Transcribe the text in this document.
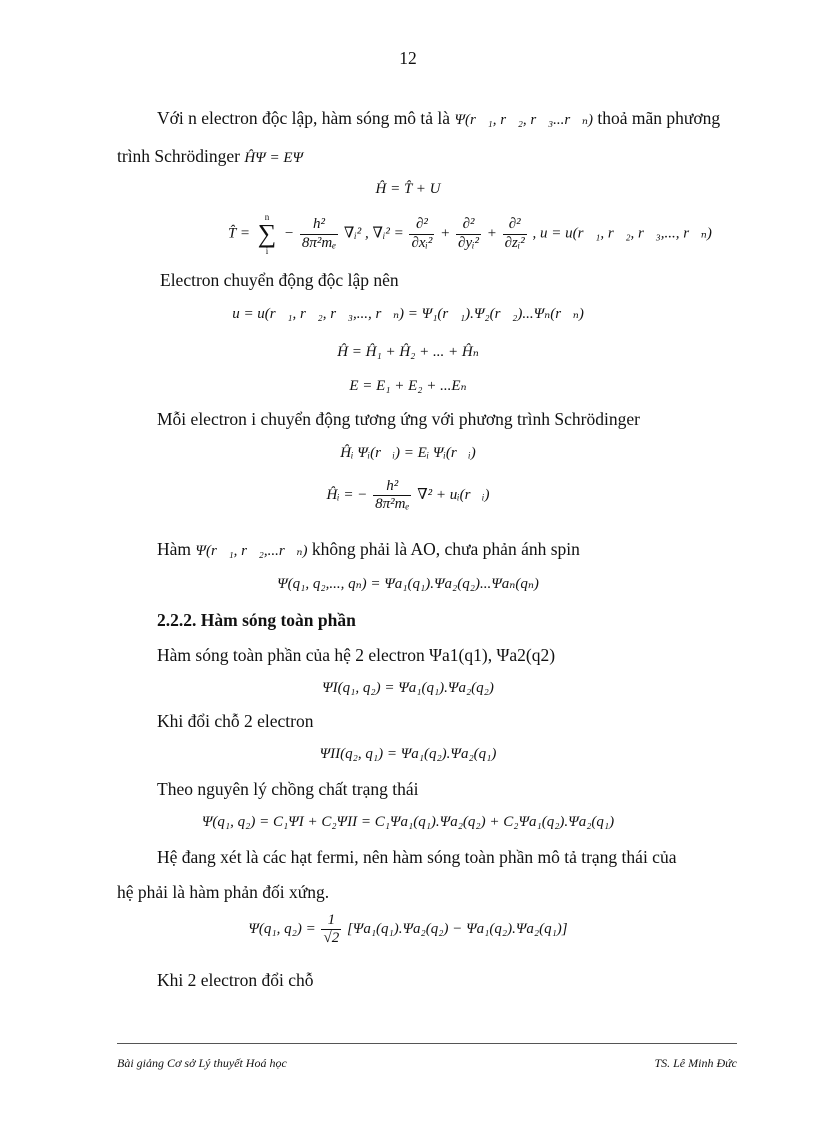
12
Với n electron độc lập, hàm sóng mô tả là Ψ(r⃗₁, r⃗₂, r⃗₃...r⃗ₙ) thoả mãn phương
trình Schrödinger ĤΨ = EΨ
Ĥ = T̂ + U
T̂ =
n
∑
i
− $\frac{\text{h²}}{\text{8π²mₑ}}$ ∇ᵢ² , ∇ᵢ² = $\frac{\text{∂²}}{\text{∂xᵢ²}} + \frac{\text{∂²}}{\text{∂yᵢ²}} + \frac{\text{∂²}}{\text{∂zᵢ²}}$ , u = u(r⃗₁, r⃗₂, r⃗₃,..., r⃗ₙ)
Electron chuyển động độc lập nên
u = u(r⃗₁, r⃗₂, r⃗₃,..., r⃗ₙ) = Ψ₁(r⃗₁).Ψ₂(r⃗₂)...Ψₙ(r⃗ₙ)
Ĥ = Ĥ₁ + Ĥ₂ + ... + Ĥₙ
E = E₁ + E₂ + ...Eₙ
Mỗi electron i chuyển động tương ứng với phương trình Schrödinger
Ĥᵢ Ψᵢ(r⃗ᵢ) = Eᵢ Ψᵢ(r⃗ᵢ)
Ĥᵢ = − $\frac{\text{h²}}{\text{8π²mₑ}} \nabla^2$ + uᵢ(r⃗ᵢ)
Hàm Ψ(r⃗₁, r⃗₂,...r⃗ₙ) không phải là AO, chưa phản ánh spin
Ψ(q₁, q₂,..., qₙ) = Ψa₁(q₁).Ψa₂(q₂)...Ψaₙ(qₙ)
2.2.2. Hàm sóng toàn phần
Hàm sóng toàn phần của hệ 2 electron Ψa1(q1), Ψa2(q2)
ΨI(q₁, q₂) = Ψa₁(q₁).Ψa₂(q₂)
Khi đổi chỗ 2 electron
ΨII(q₂, q₁) = Ψa₁(q₂).Ψa₂(q₁)
Theo nguyên lý chồng chất trạng thái
Ψ(q₁, q₂) = C₁ΨI + C₂ΨII = C₁Ψa₁(q₁).Ψa₂(q₂) + C₂Ψa₁(q₂).Ψa₂(q₁)
Hệ đang xét là các hạt fermi, nên hàm sóng toàn phần mô tả trạng thái của
hệ phải là hàm phản đối xứng.
Ψ(q₁, $q_2) = \frac{1}{√2} [\Psi a_1(q_1).\Psi a_2(q_2) - \Psi a_1(q_2).\Psi a_2(q_1)]$
Khi 2 electron đổi chỗ
Bài giảng Cơ sở Lý thuyết Hoá học	TS. Lê Minh Đức
